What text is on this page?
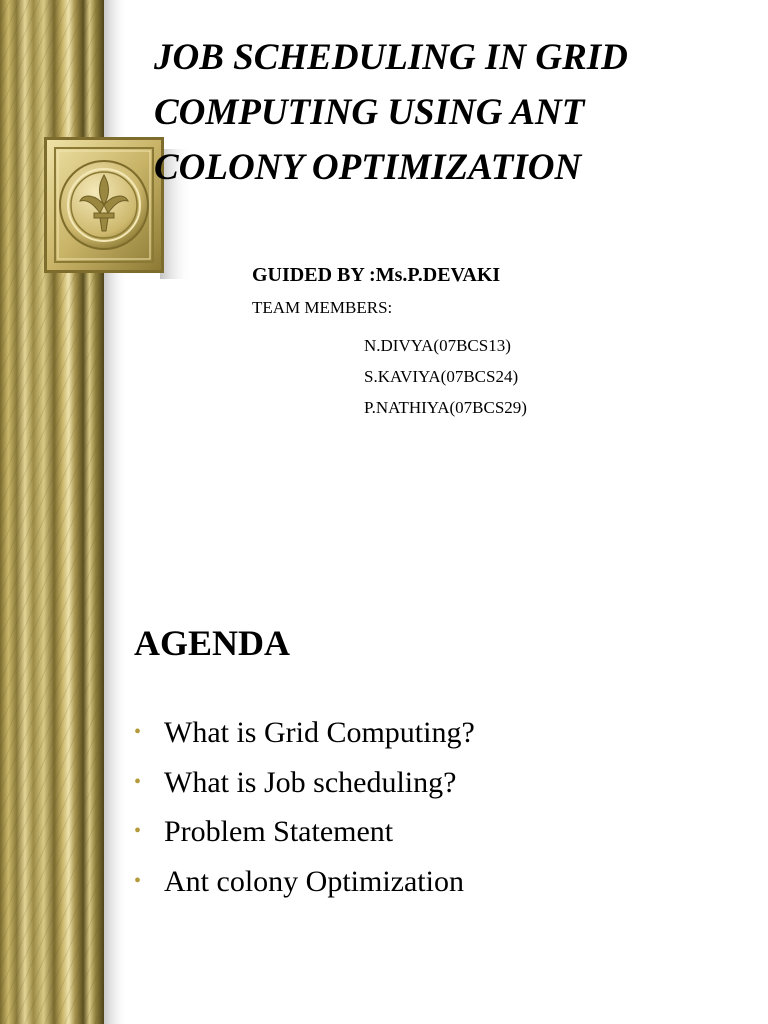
JOB SCHEDULING IN GRID
COMPUTING USING ANT
COLONY OPTIMIZATION
GUIDED BY :Ms.P.DEVAKI
TEAM MEMBERS:
N.DIVYA(07BCS13)
S.KAVIYA(07BCS24)
P.NATHIYA(07BCS29)
AGENDA
• What is Grid Computing?
• What is Job scheduling?
• Problem Statement
• Ant colony Optimization
